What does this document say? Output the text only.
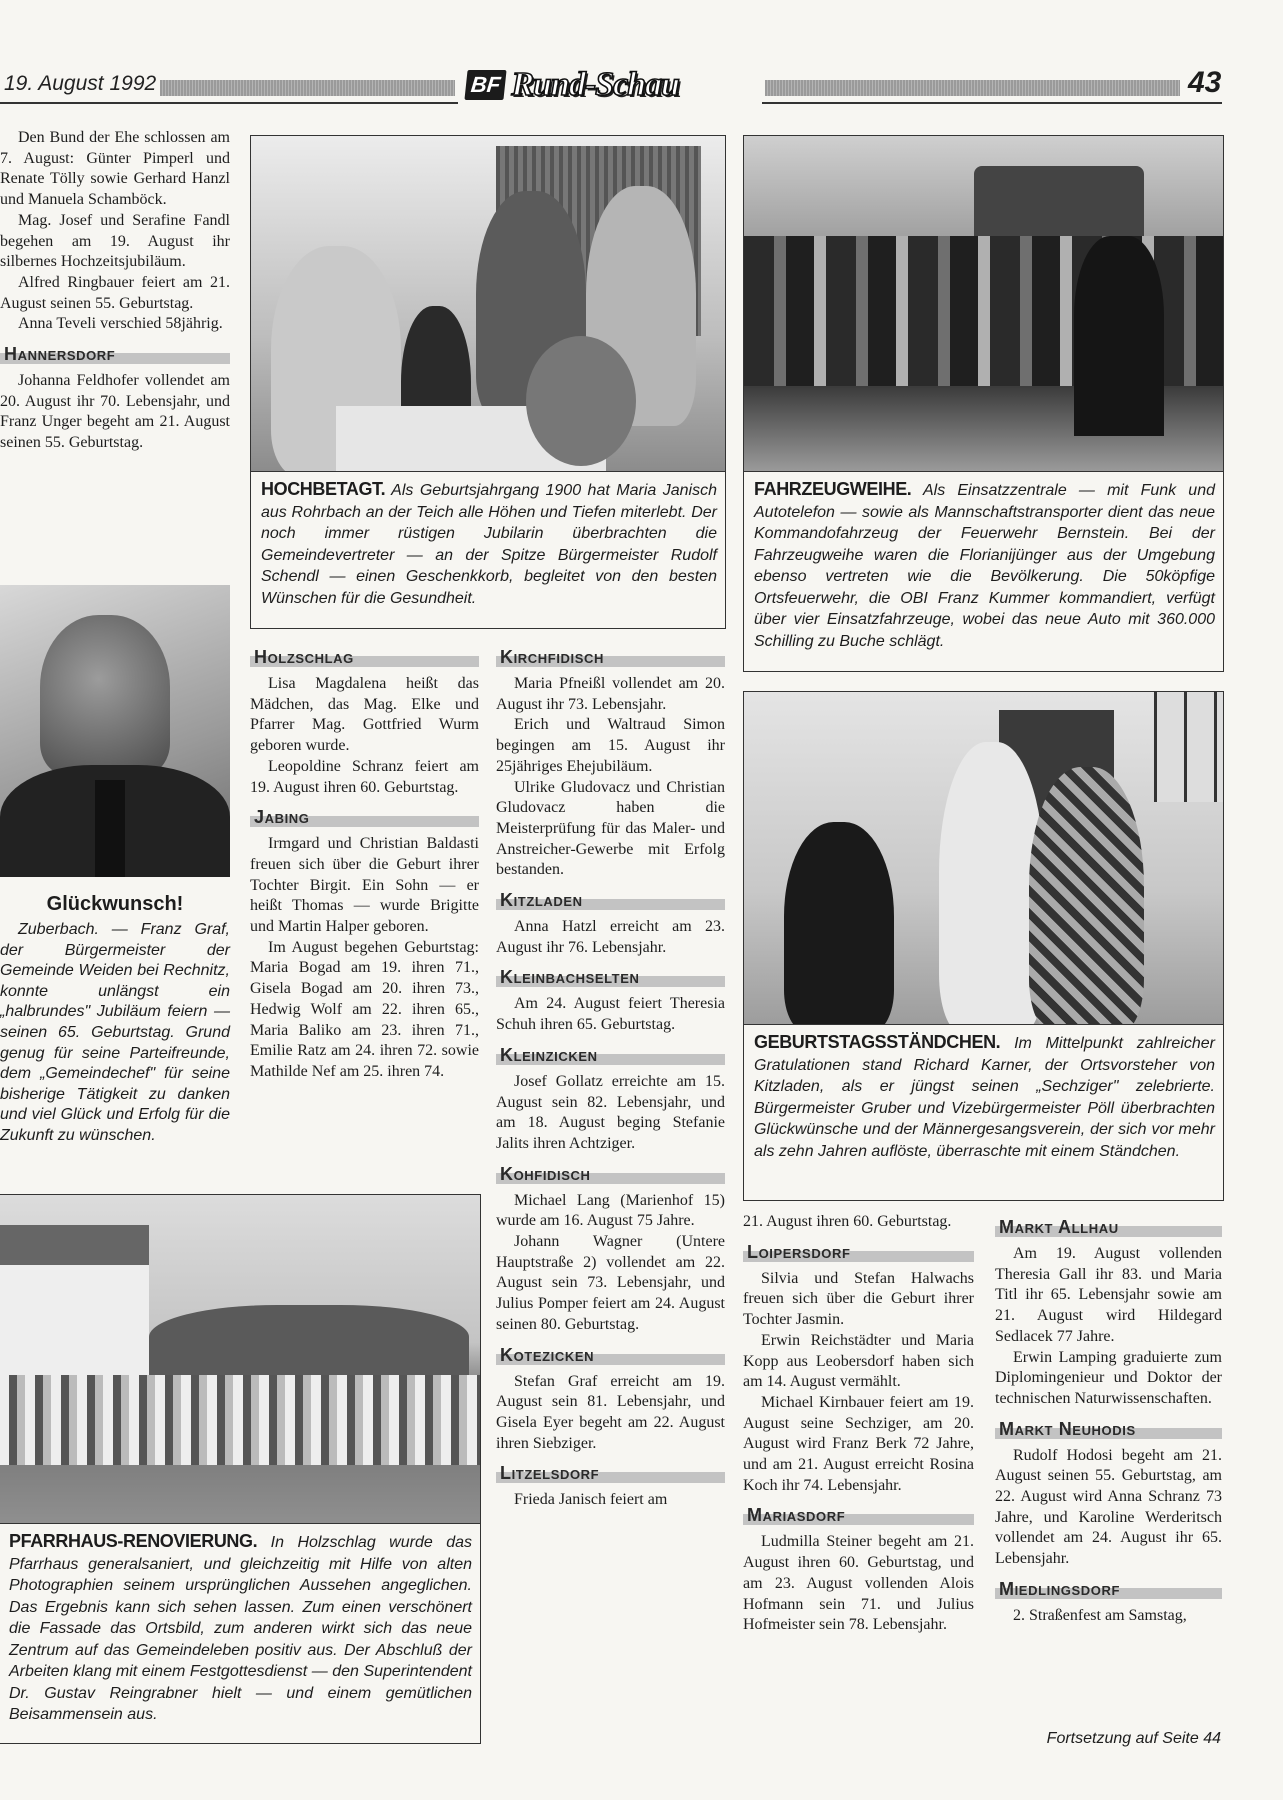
19. August 1992	BF Rund-Schau	43

Den Bund der Ehe schlossen am 7. August: Günter Pimperl und Renate Tölly sowie Gerhard Hanzl und Manuela Schamböck.

Mag. Josef und Serafine Fandl begehen am 19. August ihr silbernes Hochzeitsjubiläum.

Alfred Ringbauer feiert am 21. August seinen 55. Geburtstag.

Anna Teveli verschied 58jährig.

Hannersdorf

Johanna Feldhofer vollendet am 20. August ihr 70. Lebensjahr, und Franz Unger begeht am 21. August seinen 55. Geburtstag.

Glückwunsch!
Zuberbach. — Franz Graf, der Bürgermeister der Gemeinde Weiden bei Rechnitz, konnte unlängst ein „halbrundes" Jubiläum feiern — seinen 65. Geburtstag. Grund genug für seine Parteifreunde, dem „Gemeindechef" für seine bisherige Tätigkeit zu danken und viel Glück und Erfolg für die Zukunft zu wünschen.
HOCHBETAGT. Als Geburtsjahrgang 1900 hat Maria Janisch aus Rohrbach an der Teich alle Höhen und Tiefen miterlebt. Der noch immer rüstigen Jubilarin überbrachten die Gemeindevertreter — an der Spitze Bürgermeister Rudolf Schendl — einen Geschenkkorb, begleitet von den besten Wünschen für die Gesundheit.
FAHRZEUGWEIHE. Als Einsatzzentrale — mit Funk und Autotelefon — sowie als Mannschaftstransporter dient das neue Kommandofahrzeug der Feuerwehr Bernstein. Bei der Fahrzeugweihe waren die Florianijünger aus der Umgebung ebenso vertreten wie die Bevölkerung. Die 50köpfige Ortsfeuerwehr, die OBI Franz Kummer kommandiert, verfügt über vier Einsatzfahrzeuge, wobei das neue Auto mit 360.000 Schilling zu Buche schlägt.
GEBURTSTAGSSTÄNDCHEN. Im Mittelpunkt zahlreicher Gratulationen stand Richard Karner, der Ortsvorsteher von Kitzladen, als er jüngst seinen „Sechziger" zelebrierte. Bürgermeister Gruber und Vizebürgermeister Pöll überbrachten Glückwünsche und der Männergesangsverein, der sich vor mehr als zehn Jahren auflöste, überraschte mit einem Ständchen.
PFARRHAUS-RENOVIERUNG. In Holzschlag wurde das Pfarrhaus generalsaniert, und gleichzeitig mit Hilfe von alten Photographien seinem ursprünglichen Aussehen angeglichen. Das Ergebnis kann sich sehen lassen. Zum einen verschönert die Fassade das Ortsbild, zum anderen wirkt sich das neue Zentrum auf das Gemeindeleben positiv aus. Der Abschluß der Arbeiten klang mit einem Festgottesdienst — den Superintendent Dr. Gustav Reingrabner hielt — und einem gemütlichen Beisammensein aus.
Holzschlag

Lisa Magdalena heißt das Mädchen, das Mag. Elke und Pfarrer Mag. Gottfried Wurm geboren wurde.

Leopoldine Schranz feiert am 19. August ihren 60. Geburtstag.

Jabing

Irmgard und Christian Baldasti freuen sich über die Geburt ihrer Tochter Birgit. Ein Sohn — er heißt Thomas — wurde Brigitte und Martin Halper geboren.

Im August begehen Geburtstag: Maria Bogad am 19. ihren 71., Gisela Bogad am 20. ihren 73., Hedwig Wolf am 22. ihren 65., Maria Baliko am 23. ihren 71., Emilie Ratz am 24. ihren 72. sowie Mathilde Nef am 25. ihren 74.

Kirchfidisch

Maria Pfneißl vollendet am 20. August ihr 73. Lebensjahr.

Erich und Waltraud Simon begingen am 15. August ihr 25jähriges Ehejubiläum.

Ulrike Gludovacz und Christian Gludovacz haben die Meisterprüfung für das Maler- und Anstreicher-Gewerbe mit Erfolg bestanden.

Kitzladen

Anna Hatzl erreicht am 23. August ihr 76. Lebensjahr.

Kleinbachselten

Am 24. August feiert Theresia Schuh ihren 65. Geburtstag.

Kleinzicken

Josef Gollatz erreichte am 15. August sein 82. Lebensjahr, und am 18. August beging Stefanie Jalits ihren Achtziger.

Kohfidisch

Michael Lang (Marienhof 15) wurde am 16. August 75 Jahre.

Johann Wagner (Untere Hauptstraße 2) vollendet am 22. August sein 73. Lebensjahr, und Julius Pomper feiert am 24. August seinen 80. Geburtstag.

Kotezicken

Stefan Graf erreicht am 19. August sein 81. Lebensjahr, und Gisela Eyer begeht am 22. August ihren Siebziger.

Litzelsdorf

Frieda Janisch feiert am

21. August ihren 60. Geburtstag.

Loipersdorf

Silvia und Stefan Halwachs freuen sich über die Geburt ihrer Tochter Jasmin.

Erwin Reichstädter und Maria Kopp aus Leobersdorf haben sich am 14. August vermählt.

Michael Kirnbauer feiert am 19. August seine Sechziger, am 20. August wird Franz Berk 72 Jahre, und am 21. August erreicht Rosina Koch ihr 74. Lebensjahr.

Mariasdorf

Ludmilla Steiner begeht am 21. August ihren 60. Geburtstag, und am 23. August vollenden Alois Hofmann sein 71. und Julius Hofmeister sein 78. Lebensjahr.

Markt Allhau

Am 19. August vollenden Theresia Gall ihr 83. und Maria Titl ihr 65. Lebensjahr sowie am 21. August wird Hildegard Sedlacek 77 Jahre.

Erwin Lamping graduierte zum Diplomingenieur und Doktor der technischen Naturwissenschaften.

Markt Neuhodis

Rudolf Hodosi begeht am 21. August seinen 55. Geburtstag, am 22. August wird Anna Schranz 73 Jahre, und Karoline Werderitsch vollendet am 24. August ihr 65. Lebensjahr.

Miedlingsdorf

2. Straßenfest am Samstag,

Fortsetzung auf Seite 44
